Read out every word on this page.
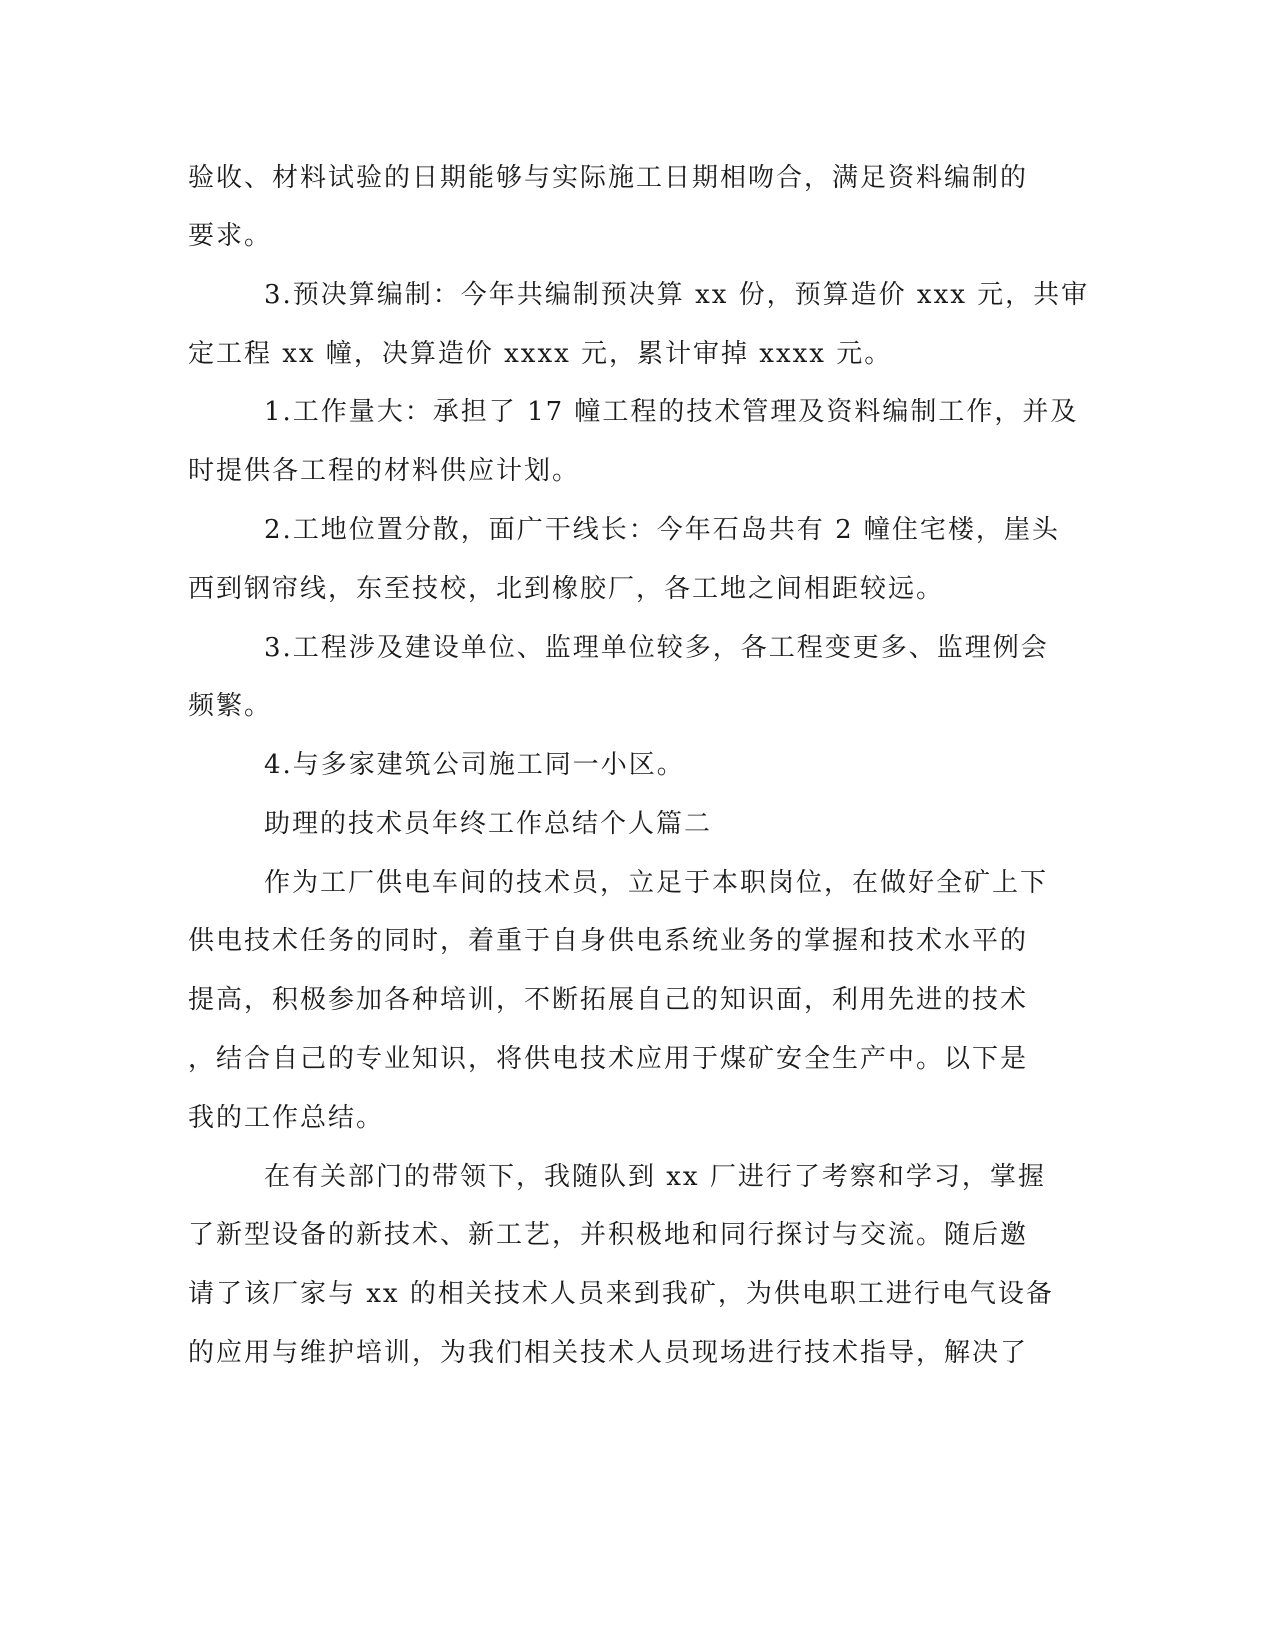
验收、材料试验的日期能够与实际施工日期相吻合，满足资料编制的
要求。
3.预决算编制：今年共编制预决算 xx 份，预算造价 xxx 元，共审
定工程 xx 幢，决算造价 xxxx 元，累计审掉 xxxx 元。
1.工作量大：承担了 17 幢工程的技术管理及资料编制工作，并及
时提供各工程的材料供应计划。
2.工地位置分散，面广干线长：今年石岛共有 2 幢住宅楼，崖头
西到钢帘线，东至技校，北到橡胶厂，各工地之间相距较远。
3.工程涉及建设单位、监理单位较多，各工程变更多、监理例会
频繁。
4.与多家建筑公司施工同一小区。
助理的技术员年终工作总结个人篇二
作为工厂供电车间的技术员，立足于本职岗位，在做好全矿上下
供电技术任务的同时，着重于自身供电系统业务的掌握和技术水平的
提高，积极参加各种培训，不断拓展自己的知识面，利用先进的技术
，结合自己的专业知识，将供电技术应用于煤矿安全生产中。以下是
我的工作总结。
在有关部门的带领下，我随队到 xx 厂进行了考察和学习，掌握
了新型设备的新技术、新工艺，并积极地和同行探讨与交流。随后邀
请了该厂家与 xx 的相关技术人员来到我矿，为供电职工进行电气设备
的应用与维护培训，为我们相关技术人员现场进行技术指导，解决了
